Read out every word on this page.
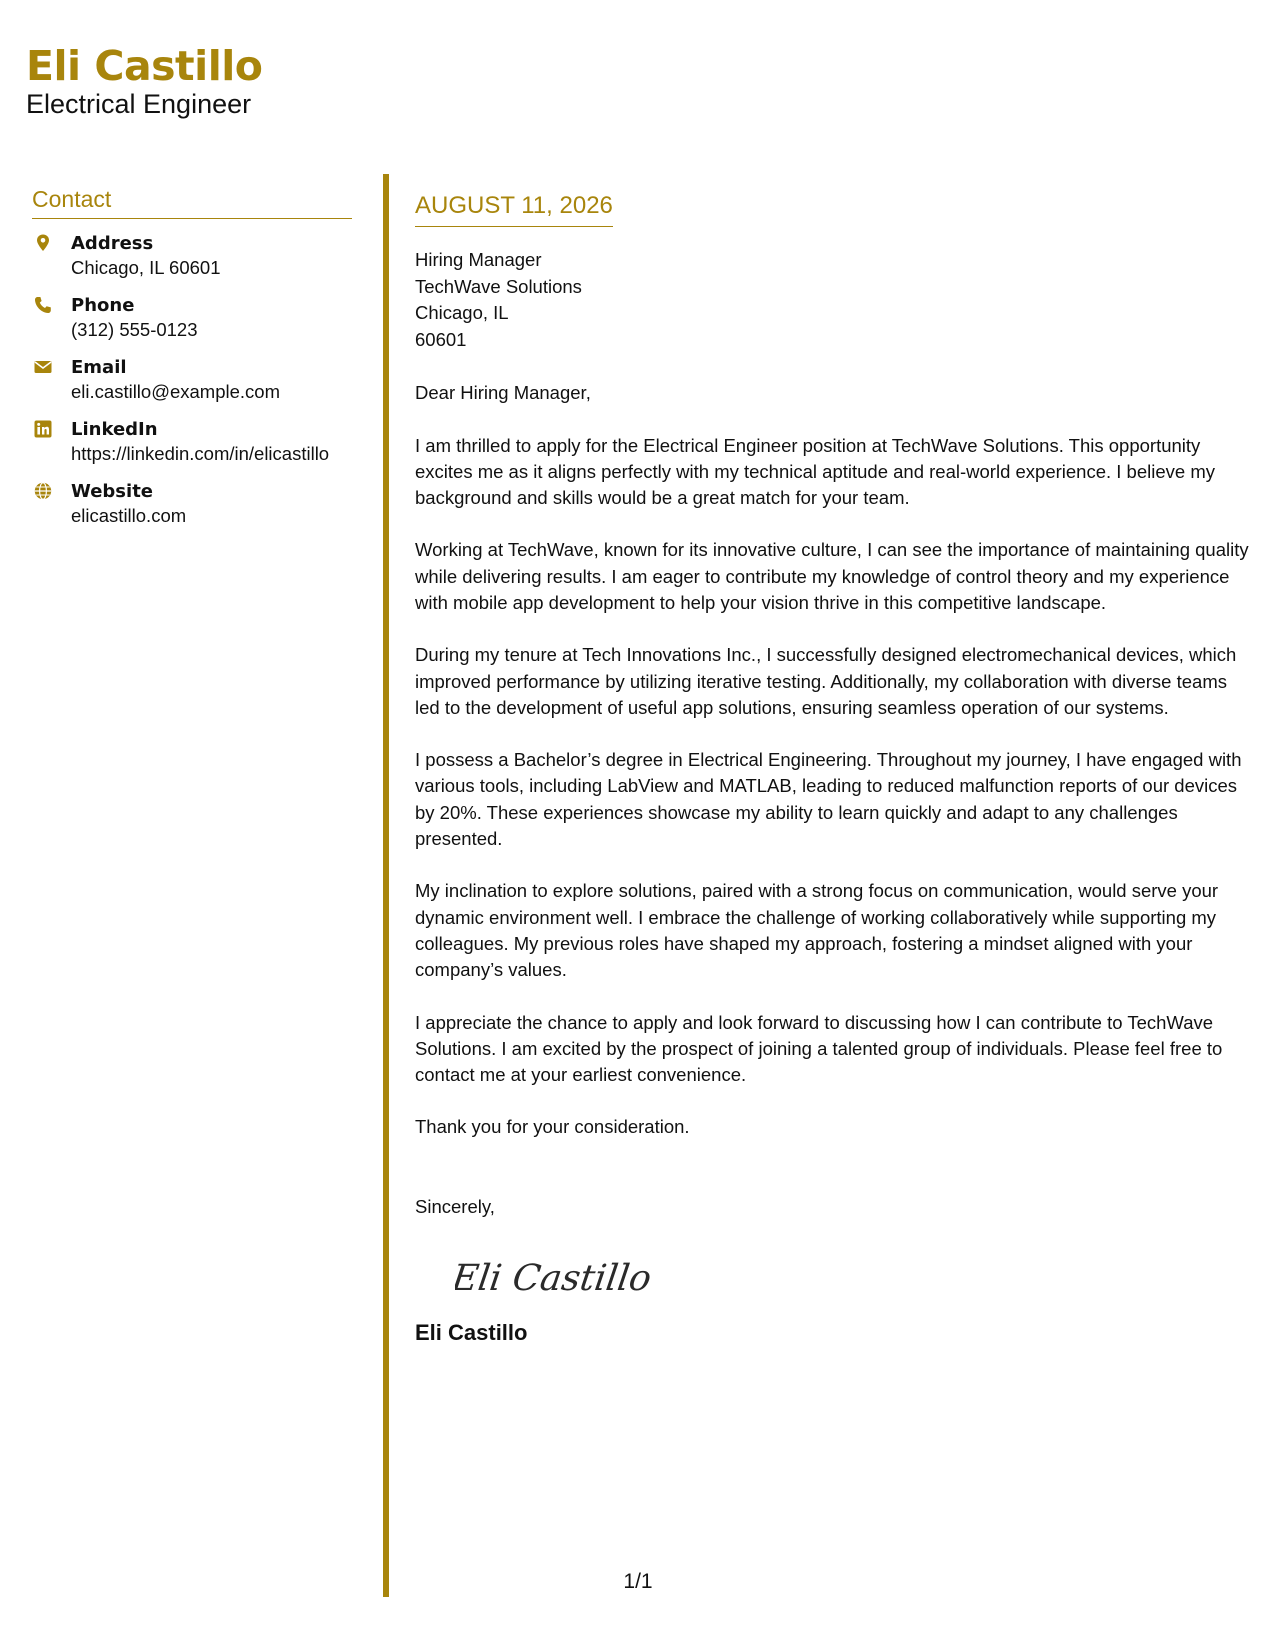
Eli Castillo
Electrical Engineer
Contact
Address
Chicago, IL 60601
Phone
(312) 555-0123
Email
eli.castillo@example.com
LinkedIn
https://linkedin.com/in/elicastillo
Website
elicastillo.com
AUGUST 11, 2026
Hiring Manager
TechWave Solutions
Chicago, IL
60601
Dear Hiring Manager,
I am thrilled to apply for the Electrical Engineer position at TechWave Solutions. This opportunity excites me as it aligns perfectly with my technical aptitude and real-world experience. I believe my background and skills would be a great match for your team.
Working at TechWave, known for its innovative culture, I can see the importance of maintaining quality while delivering results. I am eager to contribute my knowledge of control theory and my experience with mobile app development to help your vision thrive in this competitive landscape.
During my tenure at Tech Innovations Inc., I successfully designed electromechanical devices, which improved performance by utilizing iterative testing. Additionally, my collaboration with diverse teams led to the development of useful app solutions, ensuring seamless operation of our systems.
I possess a Bachelor’s degree in Electrical Engineering. Throughout my journey, I have engaged with various tools, including LabView and MATLAB, leading to reduced malfunction reports of our devices by 20%. These experiences showcase my ability to learn quickly and adapt to any challenges presented.
My inclination to explore solutions, paired with a strong focus on communication, would serve your dynamic environment well. I embrace the challenge of working collaboratively while supporting my colleagues. My previous roles have shaped my approach, fostering a mindset aligned with your company’s values.
I appreciate the chance to apply and look forward to discussing how I can contribute to TechWave Solutions. I am excited by the prospect of joining a talented group of individuals. Please feel free to contact me at your earliest convenience.
Thank you for your consideration.
Sincerely,
Eli Castillo
Eli Castillo
1/1
